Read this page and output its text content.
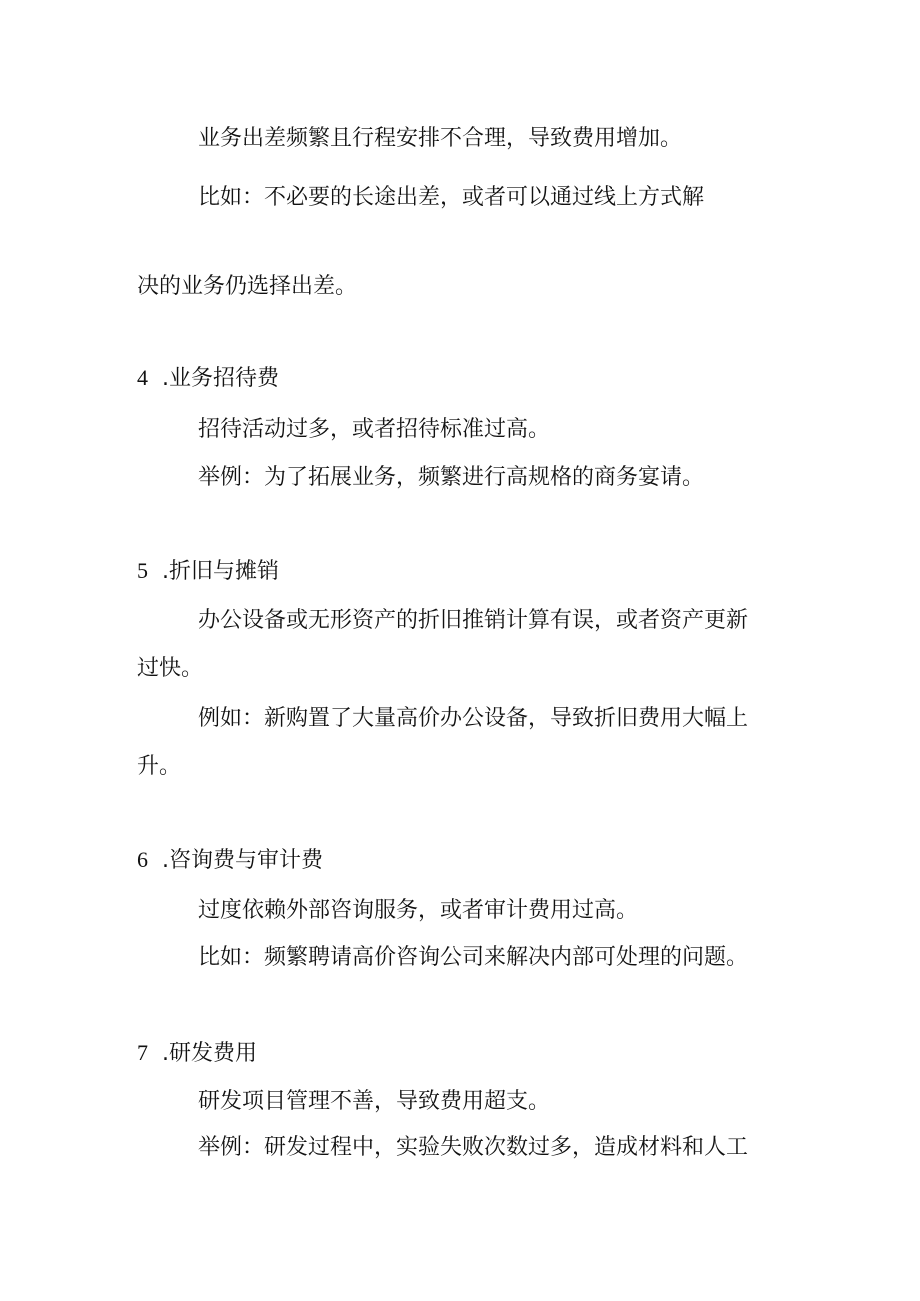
业务出差频繁且行程安排不合理，导致费用增加。
比如：不必要的长途出差，或者可以通过线上方式解
决的业务仍选择出差。
4 .业务招待费
招待活动过多，或者招待标准过高。
举例：为了拓展业务，频繁进行高规格的商务宴请。
5 .折旧与摊销
办公设备或无形资产的折旧推销计算有误，或者资产更新
过快。
例如：新购置了大量高价办公设备，导致折旧费用大幅上
升。
6 .咨询费与审计费
过度依赖外部咨询服务，或者审计费用过高。
比如：频繁聘请高价咨询公司来解决内部可处理的问题。
7 .研发费用
研发项目管理不善，导致费用超支。
举例：研发过程中，实验失败次数过多，造成材料和人工
